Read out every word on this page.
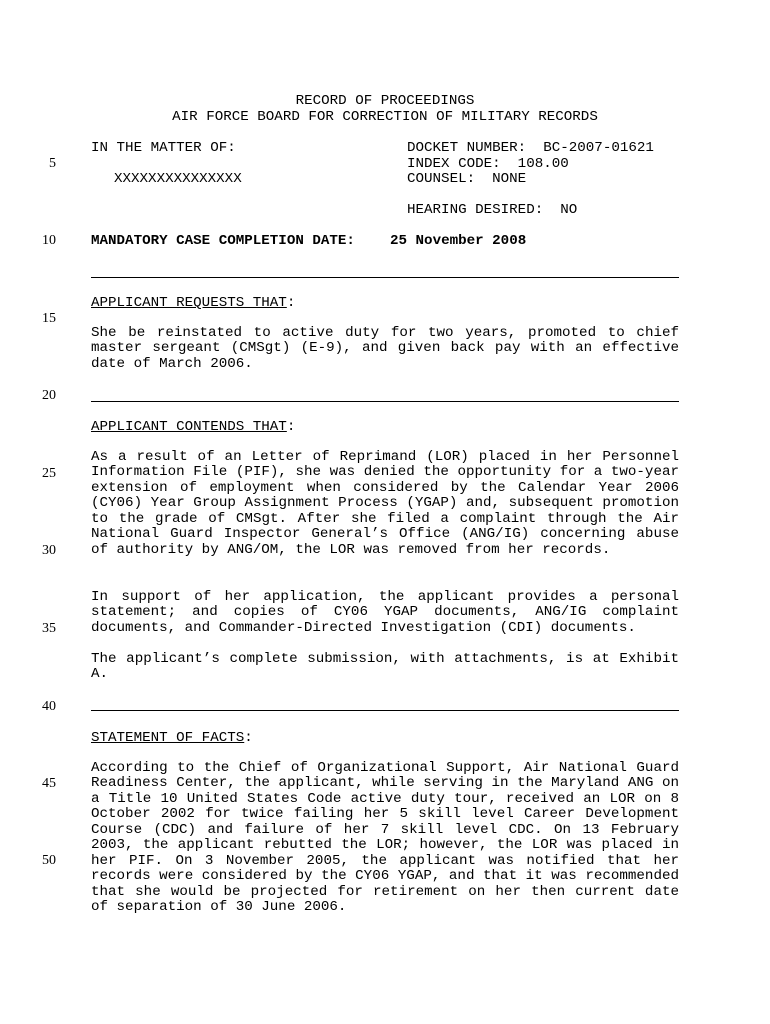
RECORD OF PROCEEDINGS
AIR FORCE BOARD FOR CORRECTION OF MILITARY RECORDS
IN THE MATTER OF:	DOCKET NUMBER:  BC-2007-01621
INDEX CODE:  108.00
XXXXXXXXXXXXXXX	COUNSEL:  NONE
HEARING DESIRED:  NO
MANDATORY CASE COMPLETION DATE: 25 November 2008
APPLICANT REQUESTS THAT:
She be reinstated to active duty for two years, promoted to chief master sergeant (CMSgt) (E-9), and given back pay with an effective date of March 2006.
APPLICANT CONTENDS THAT:
As a result of an Letter of Reprimand (LOR) placed in her Personnel Information File (PIF), she was denied the opportunity for a two-year extension of employment when considered by the Calendar Year 2006 (CY06) Year Group Assignment Process (YGAP) and, subsequent promotion to the grade of CMSgt. After she filed a complaint through the Air National Guard Inspector General’s Office (ANG/IG) concerning abuse of authority by ANG/OM, the LOR was removed from her records.
In support of her application, the applicant provides a personal statement; and copies of CY06 YGAP documents, ANG/IG complaint documents, and Commander-Directed Investigation (CDI) documents.
The applicant’s complete submission, with attachments, is at Exhibit A.
STATEMENT OF FACTS:
According to the Chief of Organizational Support, Air National Guard Readiness Center, the applicant, while serving in the Maryland ANG on a Title 10 United States Code active duty tour, received an LOR on 8 October 2002 for twice failing her 5 skill level Career Development Course (CDC) and failure of her 7 skill level CDC. On 13 February 2003, the applicant rebutted the LOR; however, the LOR was placed in her PIF. On 3 November 2005, the applicant was notified that her records were considered by the CY06 YGAP, and that it was recommended that she would be projected for retirement on her then current date of separation of 30 June 2006.
5
10
15
20
25
30
35
40
45
50
